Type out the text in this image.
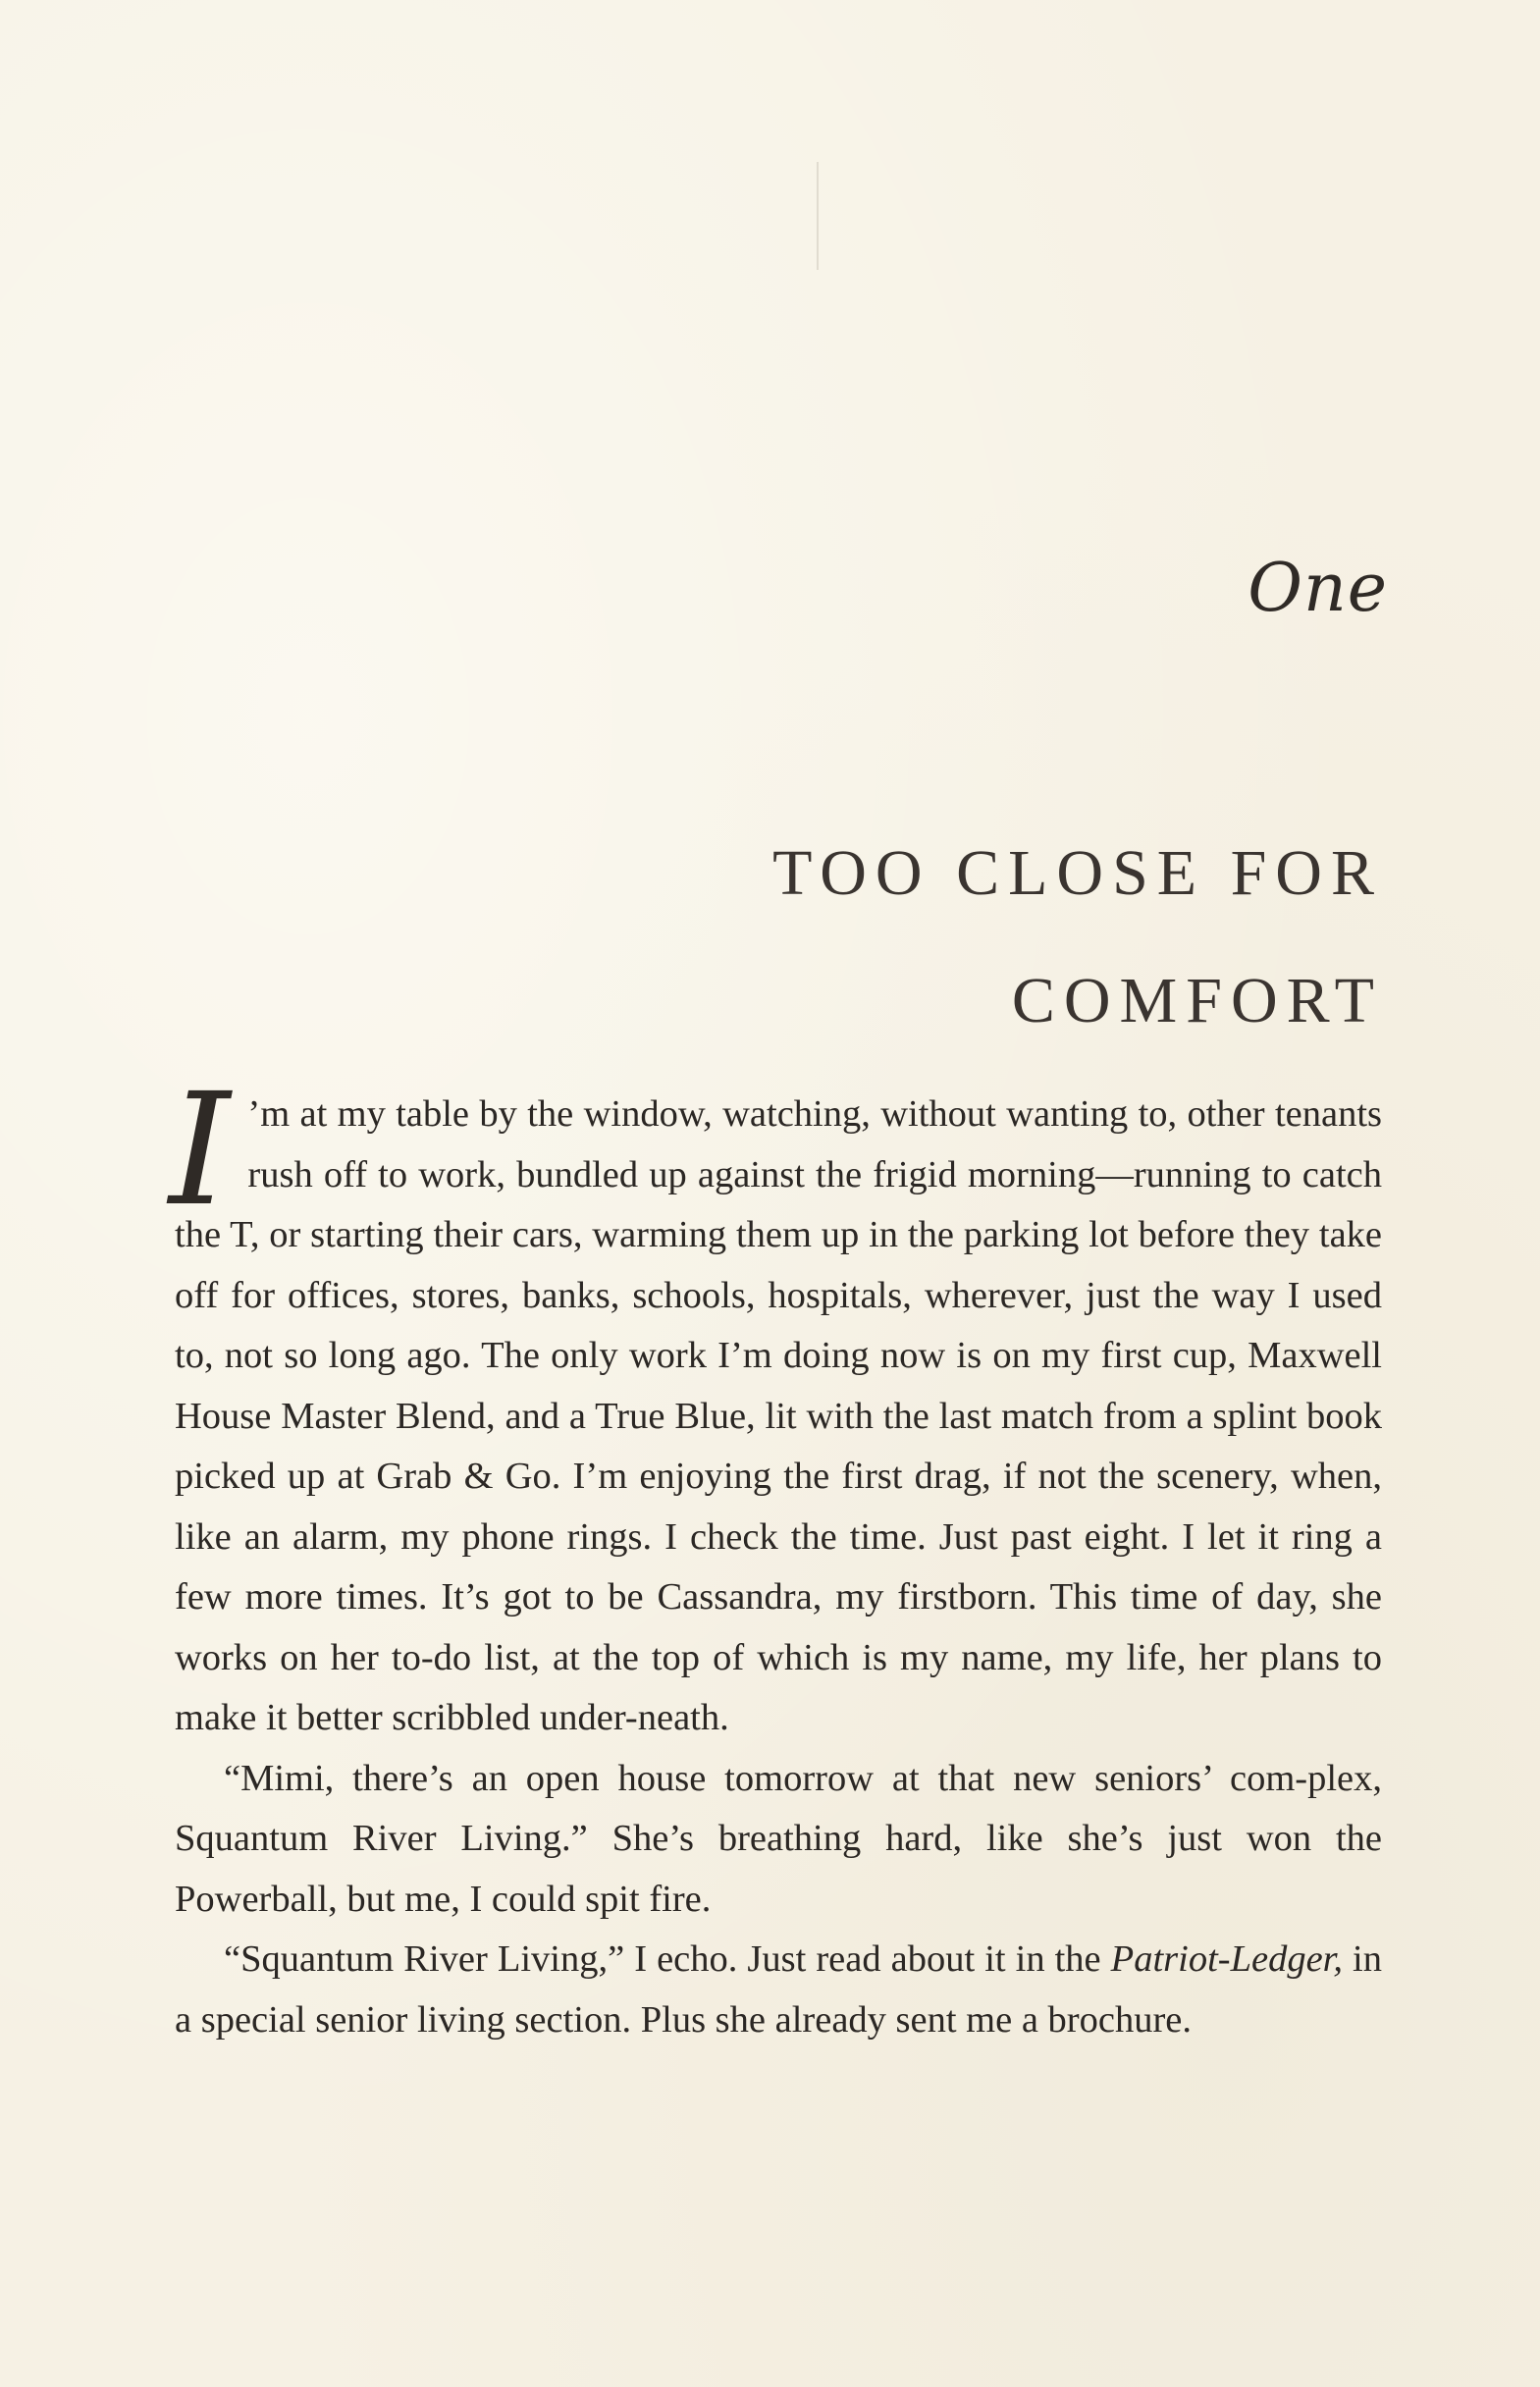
One
TOO CLOSE FOR
COMFORT

I ’m at my table by the window, watching, without wanting to, other tenants rush off to work, bundled up against the frigid morning—running to catch the T, or starting their cars, warming them up in the parking lot before they take off for offices, stores, banks, schools, hospitals, wherever, just the way I used to, not so long ago. The only work I’m doing now is on my first cup, Maxwell House Master Blend, and a True Blue, lit with the last match from a splint book picked up at Grab & Go. I’m enjoying the first drag, if not the scenery, when, like an alarm, my phone rings. I check the time. Just past eight. I let it ring a few more times. It’s got to be Cassandra, my firstborn. This time of day, she works on her to-do list, at the top of which is my name, my life, her plans to make it better scribbled under-neath.

“Mimi, there’s an open house tomorrow at that new seniors’ com-plex, Squantum River Living.” She’s breathing hard, like she’s just won the Powerball, but me, I could spit fire.

“Squantum River Living,” I echo. Just read about it in the Patriot-Ledger, in a special senior living section. Plus she already sent me a brochure.
